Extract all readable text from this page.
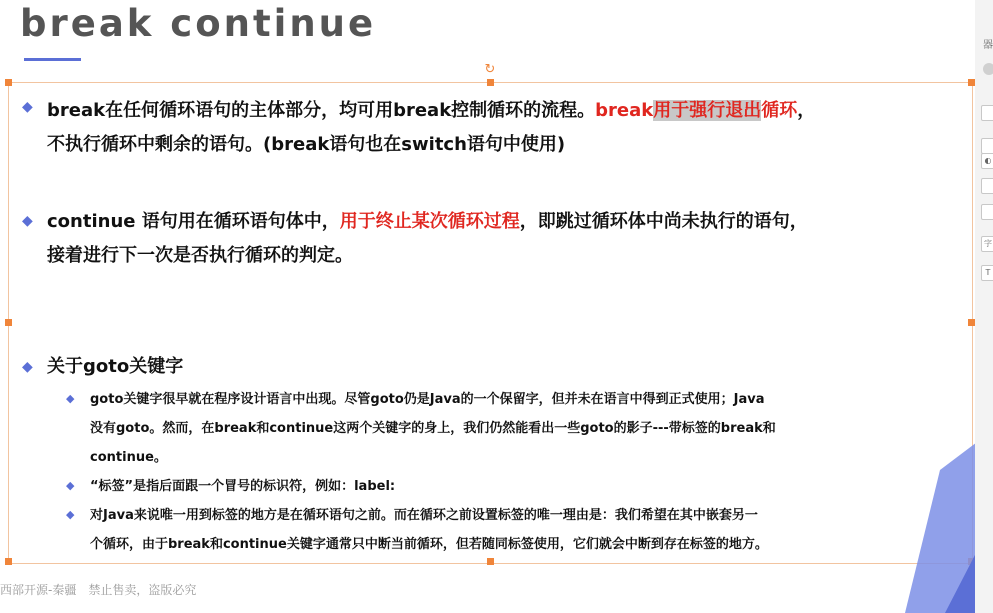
break continue
↻
◆ break在任何循环语句的主体部分，均可用break控制循环的流程。break用于强行退出循环，
不执行循环中剩余的语句。(break语句也在switch语句中使用)
◆ continue 语句用在循环语句体中，用于终止某次循环过程，即跳过循环体中尚未执行的语句，
接着进行下一次是否执行循环的判定。
◆ 关于goto关键字
◆ goto关键字很早就在程序设计语言中出现。尽管goto仍是Java的一个保留字，但并未在语言中得到正式使用；Java
没有goto。然而，在break和continue这两个关键字的身上，我们仍然能看出一些goto的影子---带标签的break和
continue。
◆ “标签”是指后面跟一个冒号的标识符，例如：label:
◆ 对Java来说唯一用到标签的地方是在循环语句之前。而在循环之前设置标签的唯一理由是：我们希望在其中嵌套另一
个循环，由于break和continue关键字通常只中断当前循环，但若随同标签使用，它们就会中断到存在标签的地方。
西部开源-秦疆　禁止售卖，盗版必究
器
◐
字
T
